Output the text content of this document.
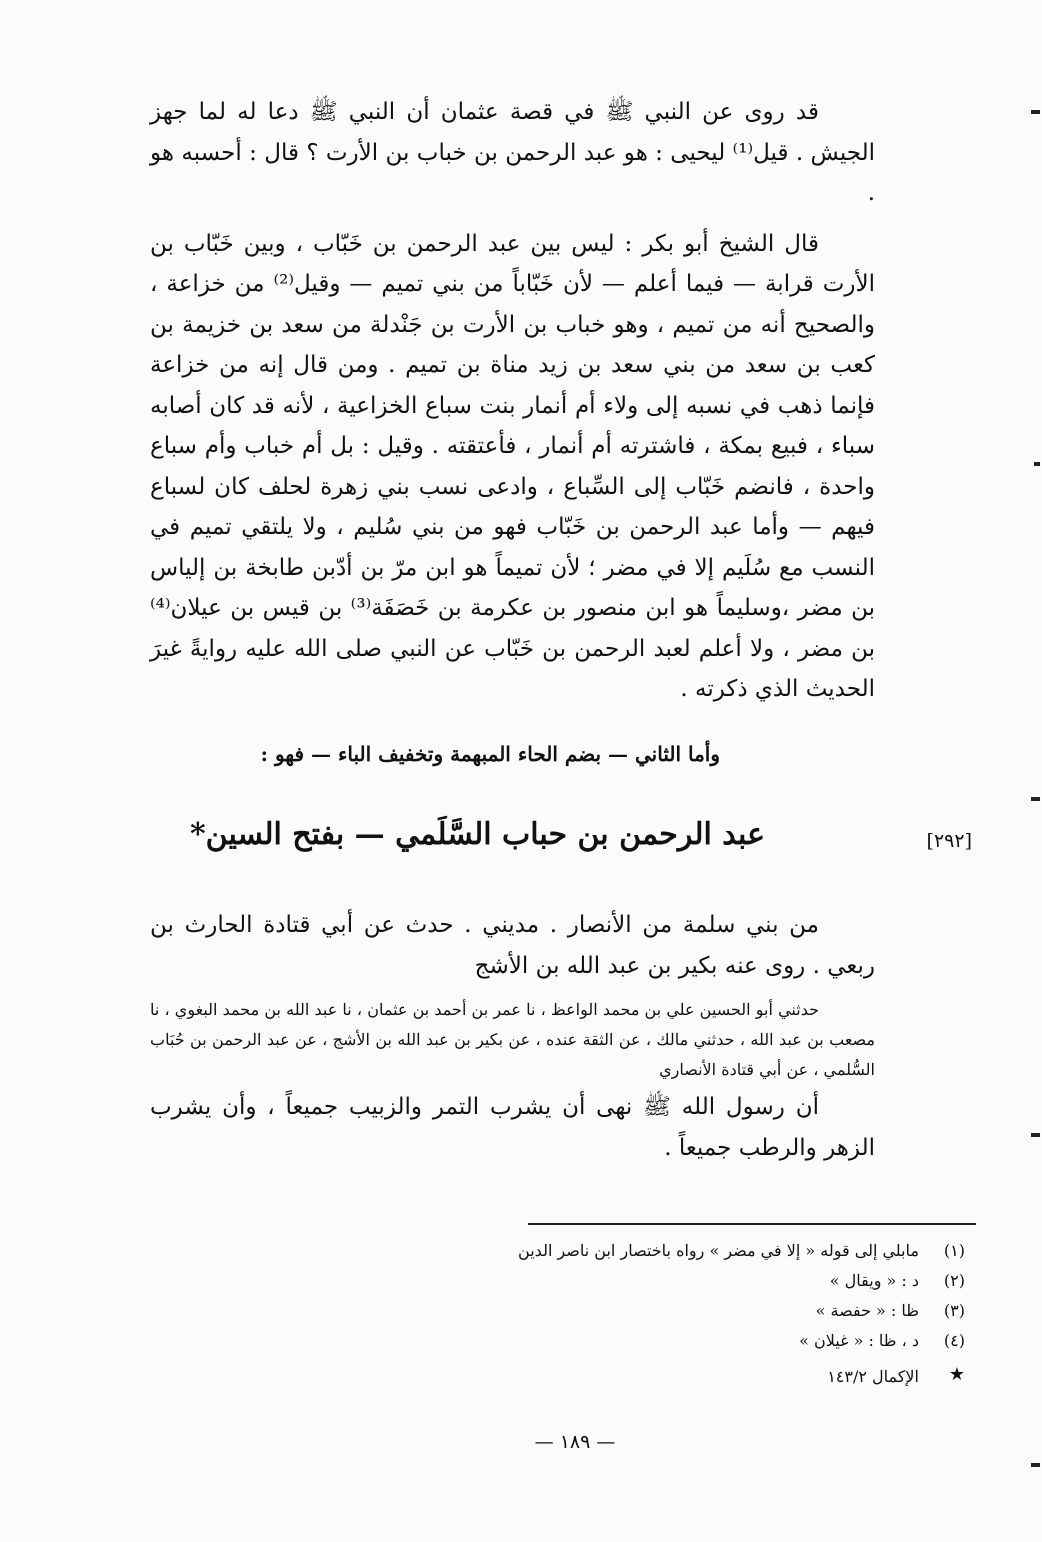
قد روى عن النبي ﷺ في قصة عثمان أن النبي ﷺ دعا له لما جهز الجيش . قيل⁽¹⁾ ليحيى : هو عبد الرحمن بن خباب بن الأرت ؟ قال : أحسبه هو .

قال الشيخ أبو بكر : ليس بين عبد الرحمن بن خَبّاب ، وبين خَبّاب بن الأرت قرابة — فيما أعلم — لأن خَبّاباً من بني تميم — وقيل⁽²⁾ من خزاعة ، والصحيح أنه من تميم ، وهو خباب بن الأرت بن جَنْدلة من سعد بن خزيمة بن كعب بن سعد من بني سعد بن زيد مناة بن تميم . ومن قال إنه من خزاعة فإنما ذهب في نسبه إلى ولاء أم أنمار بنت سباع الخزاعية ، لأنه قد كان أصابه سباء ، فبيع بمكة ، فاشترته أم أنمار ، فأعتقته . وقيل : بل أم خباب وأم سباع واحدة ، فانضم خَبّاب إلى السِّباع ، وادعى نسب بني زهرة لحلف كان لسباع فيهم — وأما عبد الرحمن بن خَبّاب فهو من بني سُليم ، ولا يلتقي تميم في النسب مع سُلَيم إلا في مضر ؛ لأن تميماً هو ابن مرّ بن أدّبن طابخة بن إلياس بن مضر ،وسليماً هو ابن منصور بن عكرمة بن خَصَفَة⁽³⁾ بن قيس بن عيلان⁽⁴⁾ بن مضر ، ولا أعلم لعبد الرحمن بن خَبّاب عن النبي صلى الله عليه روايةً غيرَ الحديث الذي ذكرته .

وأما الثاني — بضم الحاء المبهمة وتخفيف الباء — فهو :
[٢٩٢]
عبد الرحمن بن حباب السَّلَمي — بفتح السين*

من بني سلمة من الأنصار . مديني . حدث عن أبي قتادة الحارث بن ربعي . روى عنه بكير بن عبد الله بن الأشج

حدثني أبو الحسين علي بن محمد الواعظ ، نا عمر بن أحمد بن عثمان ، نا عبد الله بن محمد البغوي ، نا مصعب بن عبد الله ، حدثني مالك ، عن الثقة عنده ، عن بكير بن عبد الله بن الأشج ، عن عبد الرحمن بن حُبَاب السُّلمي ، عن أبي قتادة الأنصاري

أن رسول الله ﷺ نهى أن يشرب التمر والزبيب جميعاً ، وأن يشرب الزهر والرطب جميعاً .

(١)
مابلي إلى قوله « إلا في مضر » رواه باختصار ابن ناصر الدين
(٢)
د : « ويقال »
(٣)
ظا : « حفصة »
(٤)
د ، ظا : « غيلان »
★
الإكمال ١٤٣/٢
— ١٨٩ —
